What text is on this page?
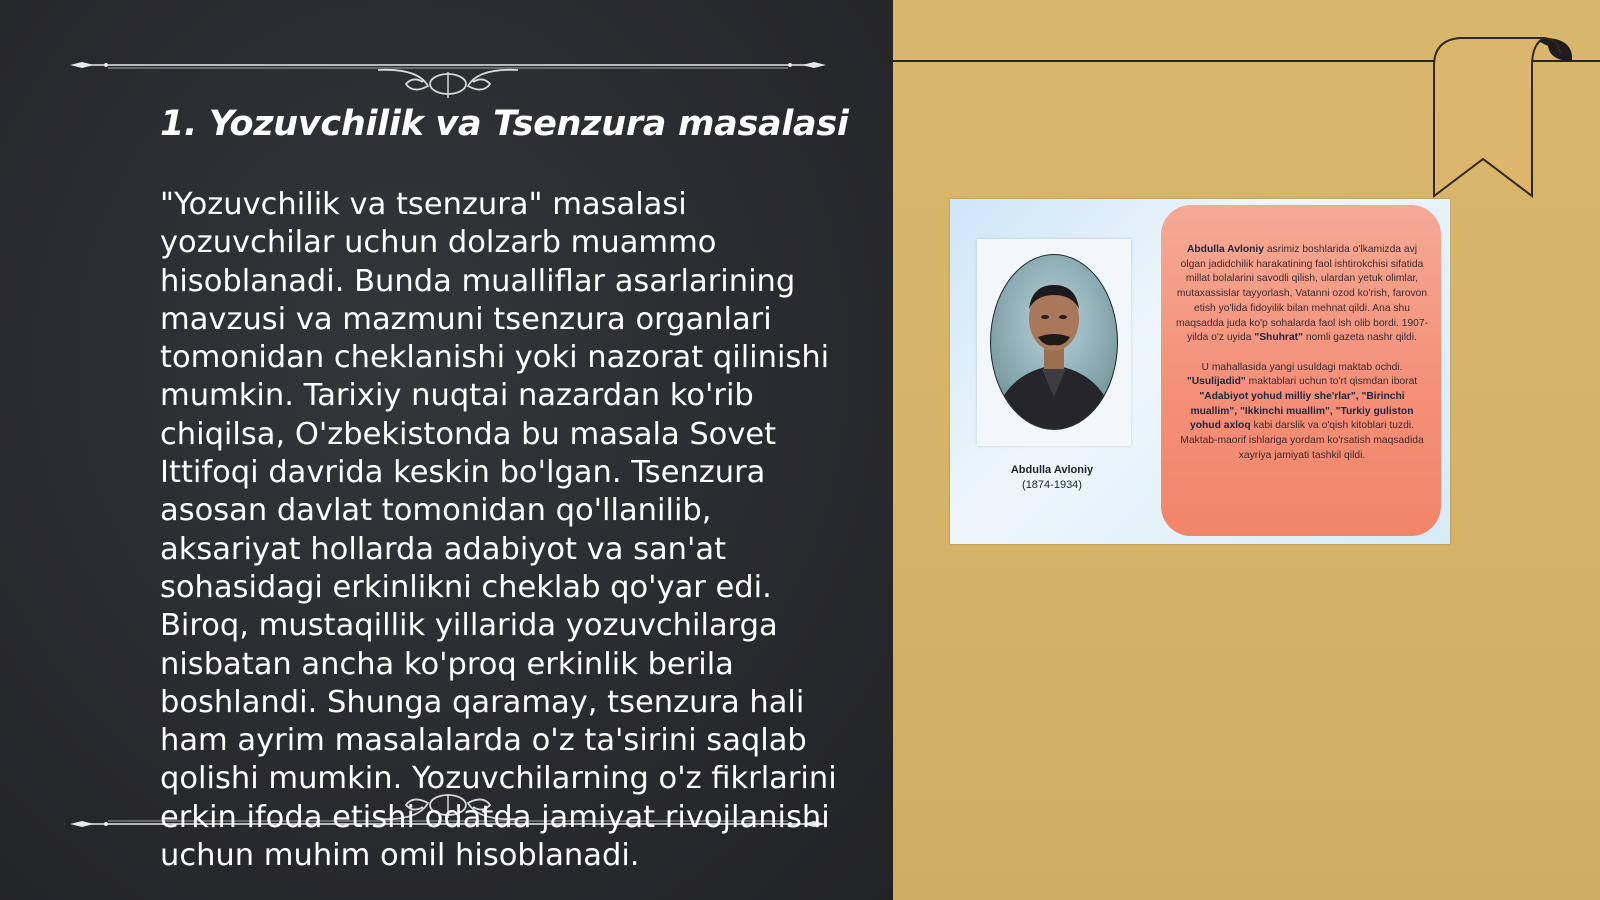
1. Yozuvchilik va Tsenzura masalasi

"Yozuvchilik va tsenzura" masalasi
yozuvchilar uchun dolzarb muammo
hisoblanadi. Bunda mualliflar asarlarining
mavzusi va mazmuni tsenzura organlari
tomonidan cheklanishi yoki nazorat qilinishi
mumkin. Tarixiy nuqtai nazardan ko'rib
chiqilsa, O'zbekistonda bu masala Sovet
Ittifoqi davrida keskin bo'lgan. Tsenzura
asosan davlat tomonidan qo'llanilib,
aksariyat hollarda adabiyot va san'at
sohasidagi erkinlikni cheklab qo'yar edi.
Biroq, mustaqillik yillarida yozuvchilarga
nisbatan ancha ko'proq erkinlik berila
boshlandi. Shunga qaramay, tsenzura hali
ham ayrim masalalarda o'z ta'sirini saqlab
qolishi mumkin. Yozuvchilarning o'z fikrlarini
erkin ifoda etishi odatda jamiyat rivojlanishi
uchun muhim omil hisoblanadi.

Abdulla Avloniy
(1874-1934)

Abdulla Avloniy asrimiz boshlarida o'lkamizda avj olgan jadidchilik harakatining faol ishtirokchisi sifatida millat bolalarini savodli qilish, ulardan yetuk olimlar, mutaxassislar tayyorlash, Vatanni ozod ko'rish, farovon etish yo'lida fidoyilik bilan mehnat qildi. Ana shu maqsadda juda ko'p sohalarda faol ish olib bordi. 1907-yilda o'z uyida "Shuhrat" nomli gazeta nashr qildi.

U mahallasida yangi usuldagi maktab ochdi. "Usulijadid" maktablari uchun to'rt qismdan iborat "Adabiyot yohud milliy she'rlar", "Birinchi muallim", "Ikkinchi muallim", "Turkiy guliston yohud axloq kabi darslik va o'qish kitoblari tuzdi. Maktab-maorif ishlariga yordam ko'rsatish maqsadida xayriya jamiyati tashkil qildi.
